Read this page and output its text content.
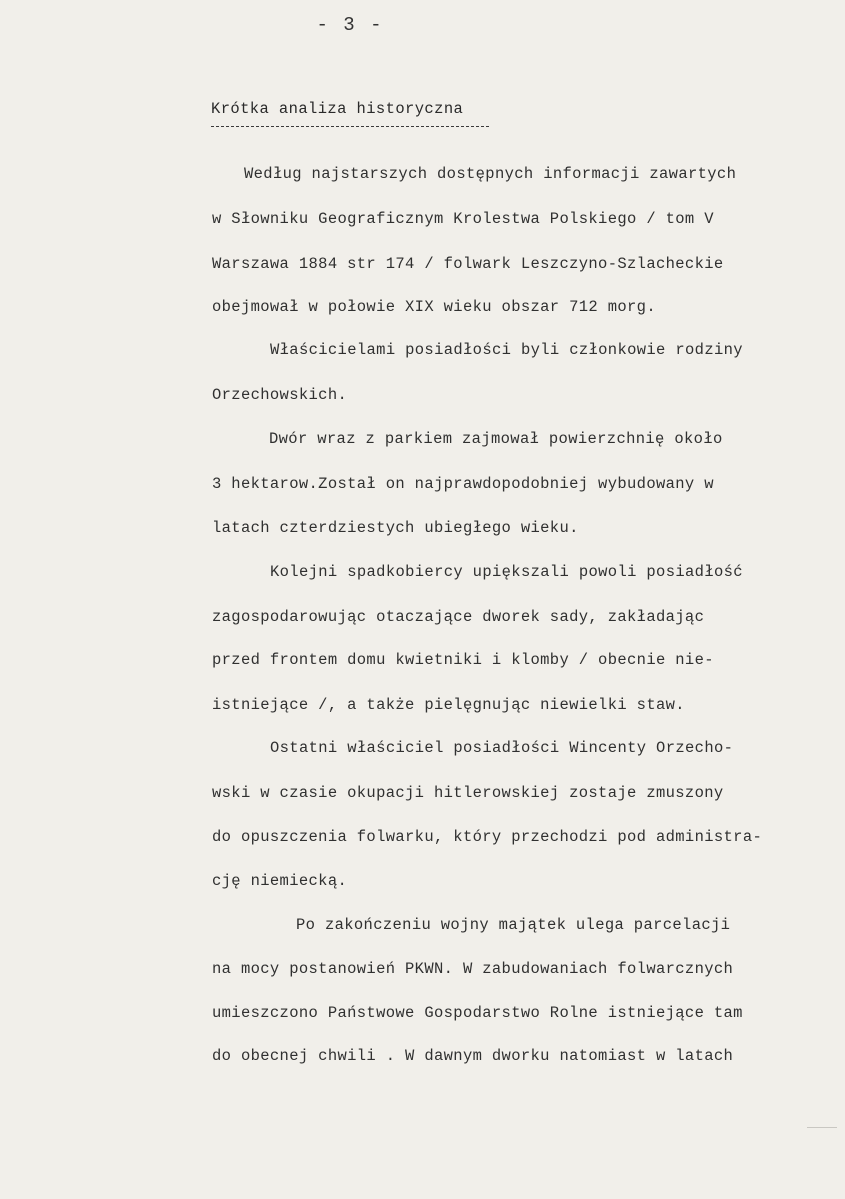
- 3 -
Krótka analiza historyczna
Według najstarszych dostępnych informacji zawartych
w Słowniku Geograficznym Krolestwa Polskiego / tom V
Warszawa 1884 str 174 / folwark Leszczyno-Szlacheckie
obejmował w połowie XIX wieku obszar 712 morg.
Właścicielami posiadłości byli członkowie rodziny
Orzechowskich.
Dwór wraz z parkiem zajmował powierzchnię około
3 hektarow.Został on najprawdopodobniej wybudowany w
latach czterdziestych ubiegłego wieku.
Kolejni spadkobiercy upiększali powoli posiadłość
zagospodarowując otaczające dworek sady, zakładając
przed frontem domu kwietniki i klomby / obecnie nie-
istniejące /, a także pielęgnując niewielki staw.
Ostatni właściciel posiadłości Wincenty Orzecho-
wski w czasie okupacji hitlerowskiej zostaje zmuszony
do opuszczenia folwarku, który przechodzi pod administra-
cję niemiecką.
Po zakończeniu wojny majątek ulega parcelacji
na mocy postanowień PKWN. W zabudowaniach folwarcznych
umieszczono Państwowe Gospodarstwo Rolne istniejące tam
do obecnej chwili . W dawnym dworku natomiast w latach
